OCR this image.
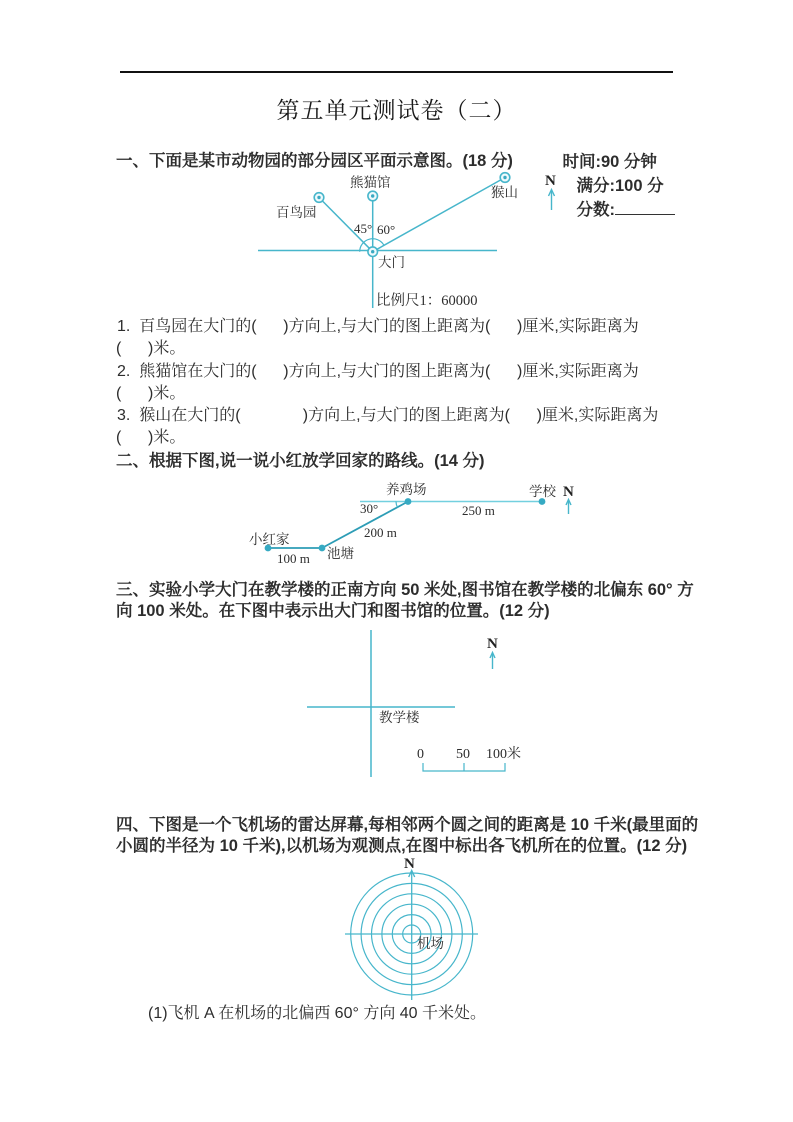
第五单元测试卷（二）

时间:90 分钟
满分:100 分
分数:

一、下面是某市动物园的部分园区平面示意图。(18 分)
熊猫馆
百鸟园
猴山
大门
45° 60°
比例尺1：60000
N
1.  百鸟园在大门的(      )方向上,与大门的图上距离为(      )厘米,实际距离为
(      )米。
2.  熊猫馆在大门的(      )方向上,与大门的图上距离为(      )厘米,实际距离为
(      )米。
3.  猴山在大门的(              )方向上,与大门的图上距离为(      )厘米,实际距离为
(      )米。
二、根据下图,说一说小红放学回家的路线。(14 分)
养鸡场	学校
小红家
池塘
30°
100 m
200 m
250 m
N
三、实验小学大门在教学楼的正南方向 50 米处,图书馆在教学楼的北偏东 60° 方
向 100 米处。在下图中表示出大门和图书馆的位置。(12 分)
教学楼
N
0 50 100米
四、下图是一个飞机场的雷达屏幕,每相邻两个圆之间的距离是 10 千米(最里面的
小圆的半径为 10 千米),以机场为观测点,在图中标出各飞机所在的位置。(12 分)
N
机场
(1)飞机 A 在机场的北偏西 60° 方向 40 千米处。
